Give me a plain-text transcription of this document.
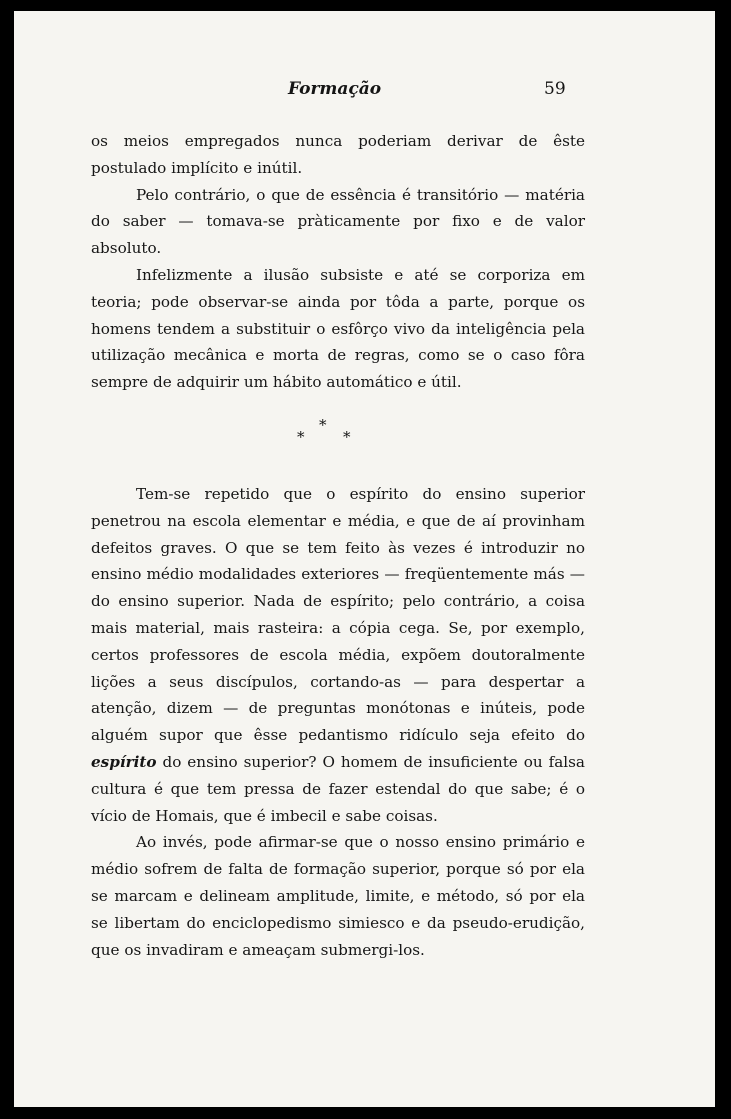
Formação	59

os meios empregados nunca poderiam derivar de êste postulado implícito e inútil.

Pelo contrário, o que de essência é transitório — matéria do saber — tomava-se pràticamente por fixo e de valor absoluto.

Infelizmente a ilusão subsiste e até se corporiza em teoria; pode observar-se ainda por tôda a parte, porque os homens tendem a substituir o esfôrço vivo da inteligência pela utilização mecânica e morta de regras, como se o caso fôra sempre de adquirir um hábito automático e útil.

*
*
*

Tem-se repetido que o espírito do ensino superior penetrou na escola elementar e média, e que de aí provinham defeitos graves. O que se tem feito às vezes é introduzir no ensino médio modalidades exteriores — freqüentemente más — do ensino superior. Nada de espírito; pelo contrário, a coisa mais material, mais rasteira: a cópia cega. Se, por exemplo, certos professores de escola média, expõem doutoralmente lições a seus discípulos, cortando-as — para despertar a atenção, dizem — de preguntas monótonas e inúteis, pode alguém supor que êsse pedantismo ridículo seja efeito do espírito do ensino superior? O homem de insuficiente ou falsa cultura é que tem pressa de fazer estendal do que sabe; é o vício de Homais, que é imbecil e sabe coisas.

Ao invés, pode afirmar-se que o nosso ensino primário e médio sofrem de falta de formação superior, porque só por ela se marcam e delineam amplitude, limite, e método, só por ela se libertam do enciclopedismo simiesco e da pseudo-erudição, que os invadiram e ameaçam submergi-los.
